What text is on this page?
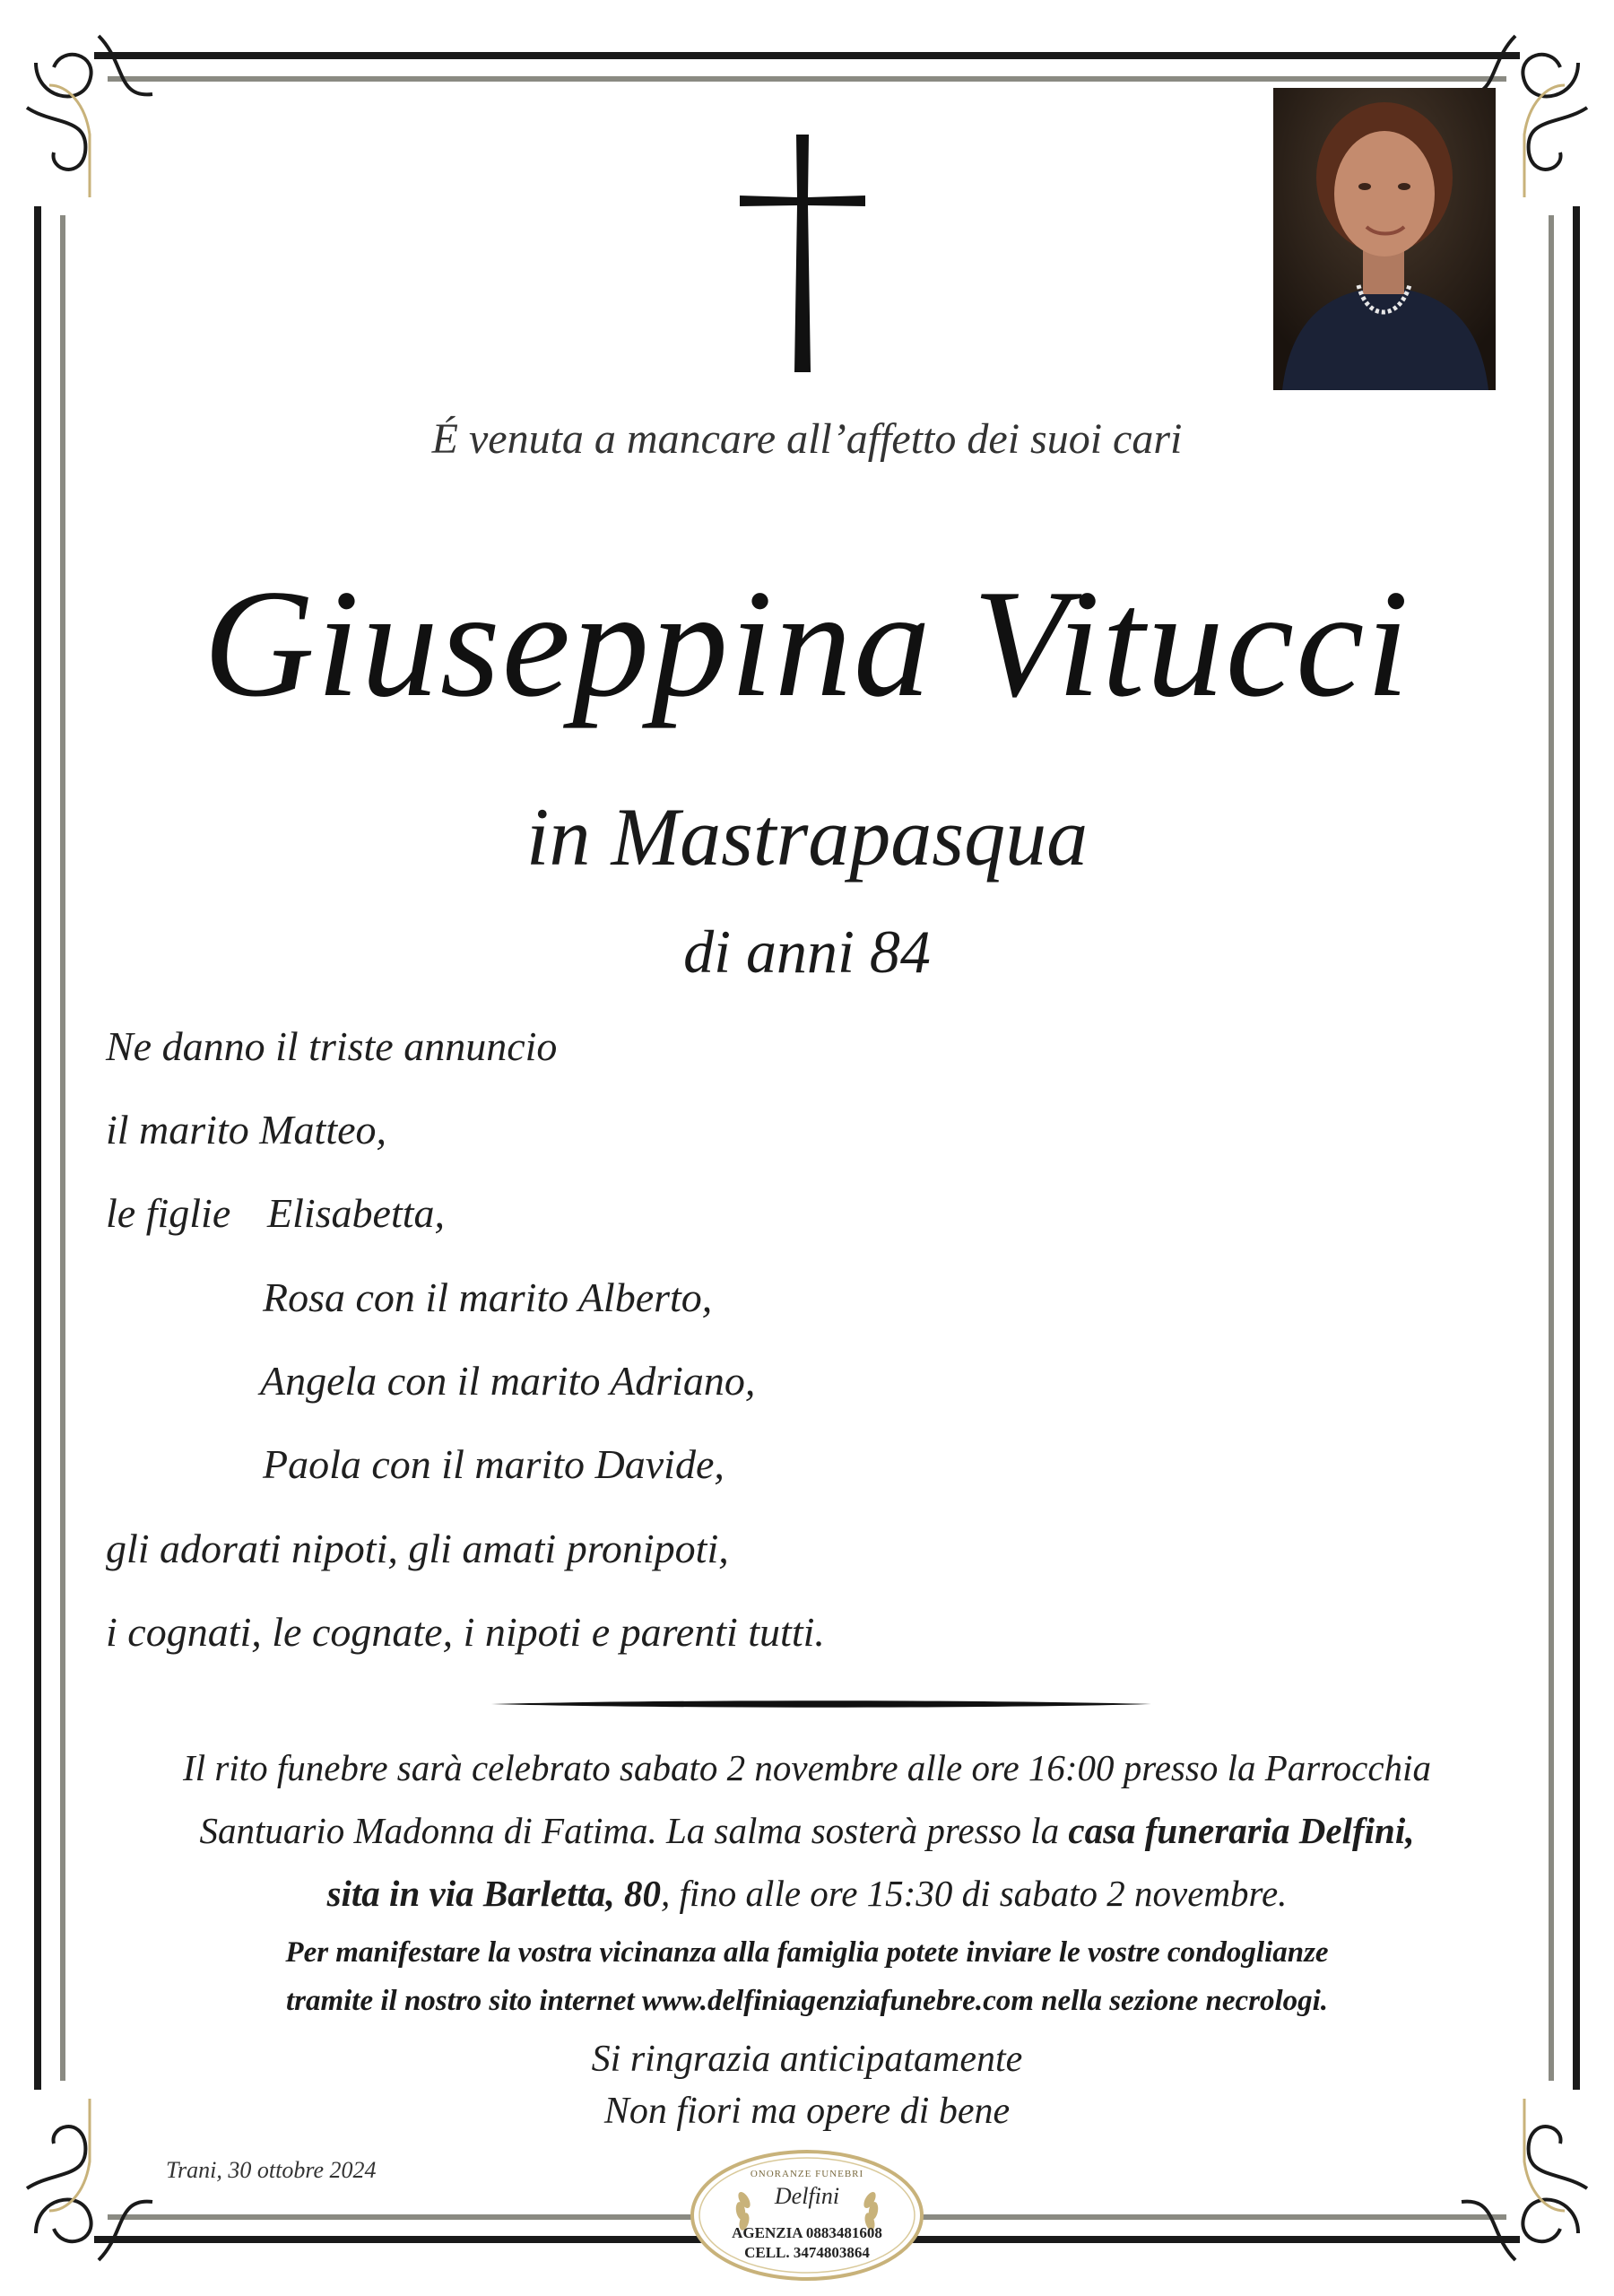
É venuta a mancare all’affetto dei suoi cari
Giuseppina Vitucci
in Mastrapasqua
di anni 84
Ne danno il triste annuncio
il marito Matteo,
le figlie Elisabetta,
Rosa con il marito Alberto,
Angela con il marito Adriano,
Paola con il marito Davide,
gli adorati nipoti, gli amati pronipoti,
i cognati, le cognate, i nipoti e parenti tutti.
Il rito funebre sarà celebrato sabato 2 novembre alle ore 16:00 presso la Parrocchia
Santuario Madonna di Fatima. La salma sosterà presso la casa funeraria Delfini,
sita in via Barletta, 80, fino alle ore 15:30 di sabato 2 novembre.
Per manifestare la vostra vicinanza alla famiglia potete inviare le vostre condoglianze
tramite il nostro sito internet www.delfiniagenziafunebre.com nella sezione necrologi.
Si ringrazia anticipatamente
Non fiori ma opere di bene
Trani, 30 ottobre 2024	ONORANZE FUNEBRI
Delfini
AGENZIA 0883481608
CELL. 3474803864
